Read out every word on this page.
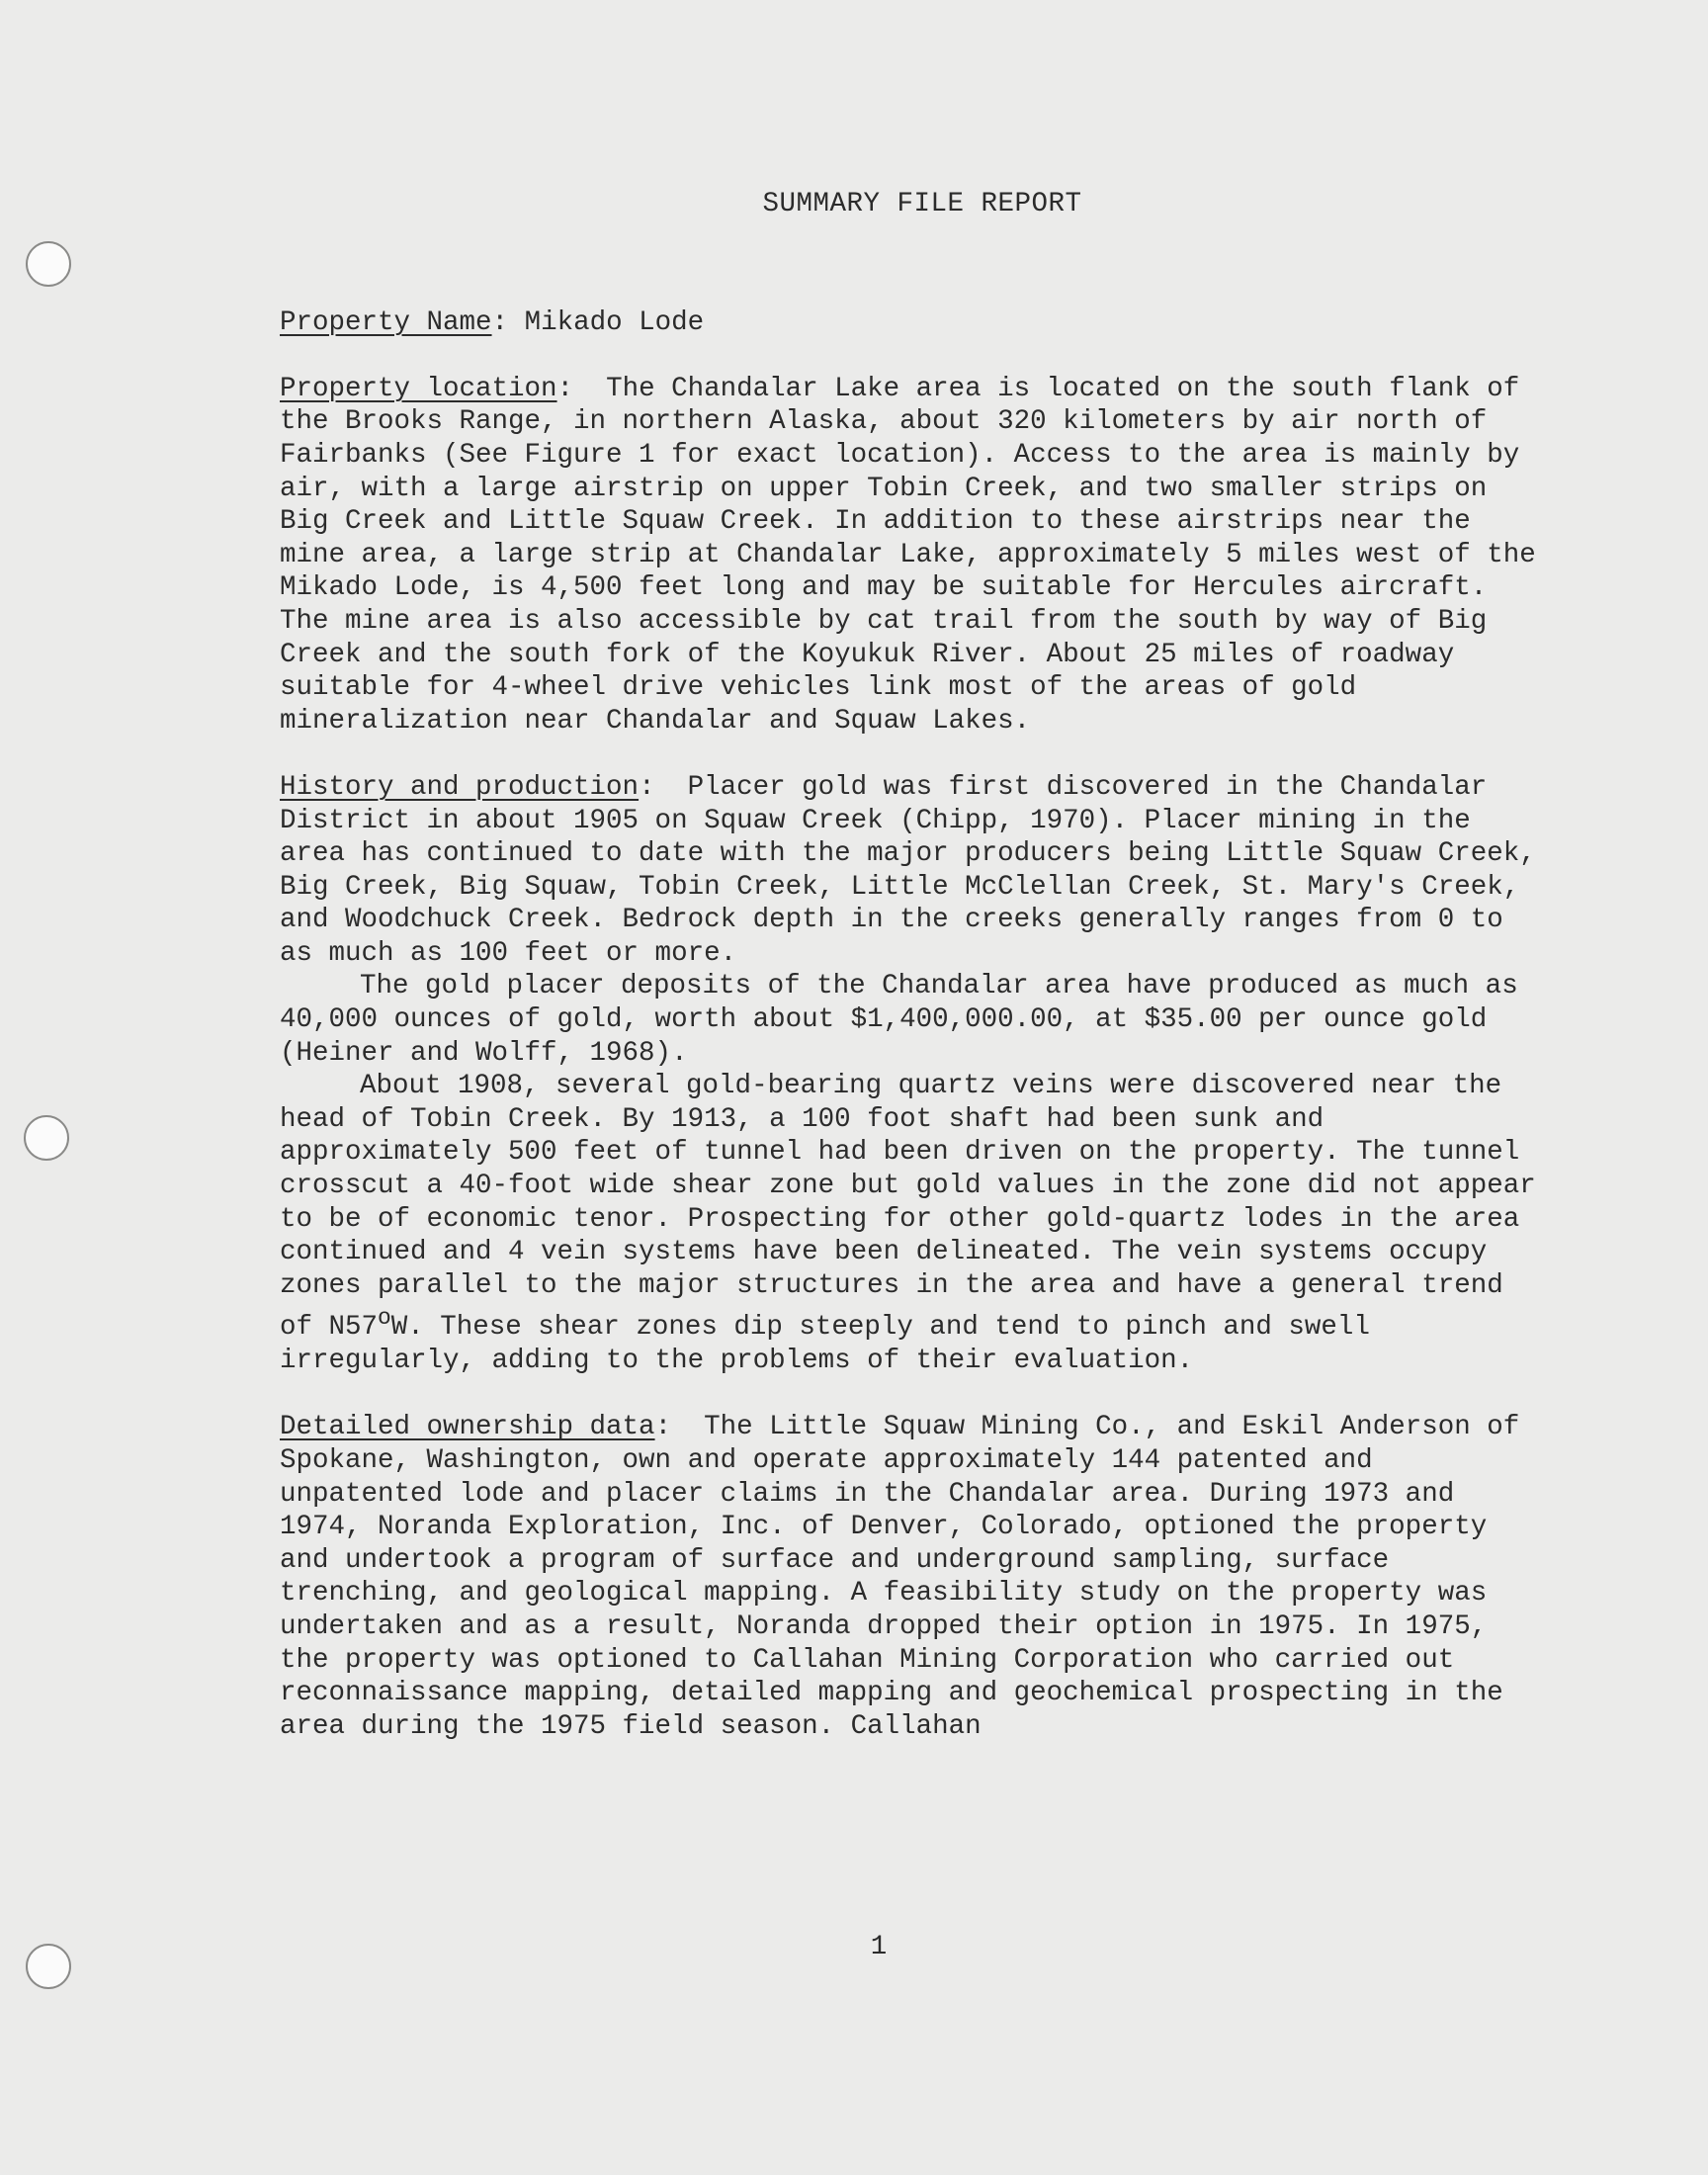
SUMMARY FILE REPORT
Property Name: Mikado Lode

Property location:  The Chandalar Lake area is located on the south flank of the Brooks Range, in northern Alaska, about 320 kilometers by air north of Fairbanks (See Figure 1 for exact location). Access to the area is mainly by air, with a large airstrip on upper Tobin Creek, and two smaller strips on Big Creek and Little Squaw Creek. In addition to these airstrips near the mine area, a large strip at Chandalar Lake, approximately 5 miles west of the Mikado Lode, is 4,500 feet long and may be suitable for Hercules aircraft. The mine area is also accessible by cat trail from the south by way of Big Creek and the south fork of the Koyukuk River. About 25 miles of roadway suitable for 4-wheel drive vehicles link most of the areas of gold mineralization near Chandalar and Squaw Lakes.

History and production:  Placer gold was first discovered in the Chandalar District in about 1905 on Squaw Creek (Chipp, 1970). Placer mining in the area has continued to date with the major producers being Little Squaw Creek, Big Creek, Big Squaw, Tobin Creek, Little McClellan Creek, St. Mary's Creek, and Woodchuck Creek. Bedrock depth in the creeks generally ranges from 0 to as much as 100 feet or more.

The gold placer deposits of the Chandalar area have produced as much as 40,000 ounces of gold, worth about $1,400,000.00, at $35.00 per ounce gold (Heiner and Wolff, 1968).

About 1908, several gold-bearing quartz veins were discovered near the head of Tobin Creek. By 1913, a 100 foot shaft had been sunk and approximately 500 feet of tunnel had been driven on the property. The tunnel crosscut a 40-foot wide shear zone but gold values in the zone did not appear to be of economic tenor. Prospecting for other gold-quartz lodes in the area continued and 4 vein systems have been delineated. The vein systems occupy zones parallel to the major structures in the area and have a general trend of N57$^o$W. These shear zones dip steeply and tend to pinch and swell irregularly, adding to the problems of their evaluation.

Detailed ownership data:  The Little Squaw Mining Co., and Eskil Anderson of Spokane, Washington, own and operate approximately 144 patented and unpatented lode and placer claims in the Chandalar area. During 1973 and 1974, Noranda Exploration, Inc. of Denver, Colorado, optioned the property and undertook a program of surface and underground sampling, surface trenching, and geological mapping. A feasibility study on the property was undertaken and as a result, Noranda dropped their option in 1975. In 1975, the property was optioned to Callahan Mining Corporation who carried out reconnaissance mapping, detailed mapping and geochemical prospecting in the area during the 1975 field season. Callahan

1
